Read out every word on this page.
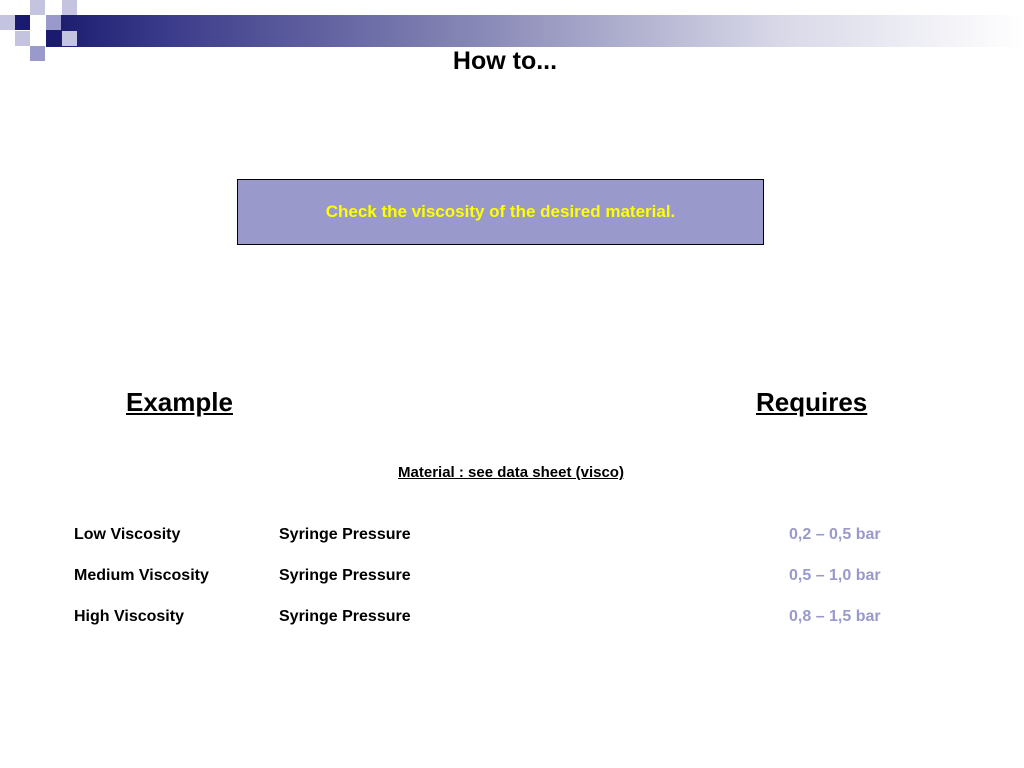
How to...
Check the viscosity of the desired material.
Example	Requires
Material : see data sheet (visco)
Low Viscosity	Syringe Pressure	0,2 – 0,5 bar
Medium Viscosity	Syringe Pressure	0,5 – 1,0 bar
High Viscosity	Syringe Pressure	0,8 – 1,5 bar
